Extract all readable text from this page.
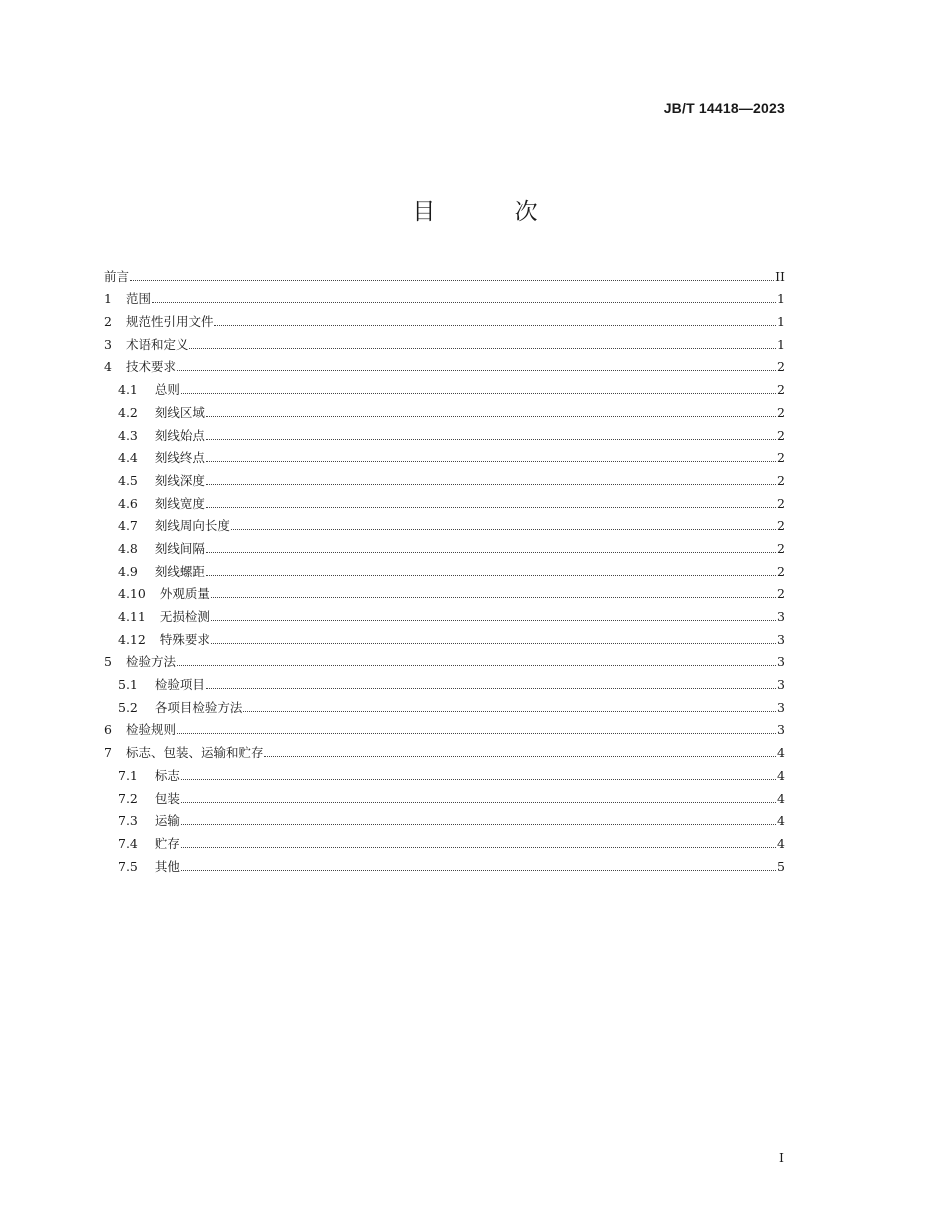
JB/T 14418—2023
目 次
前言	II
1 范围	1
2 规范性引用文件	1
3 术语和定义	1
4 技术要求	2
4.1 总则	2
4.2 刻线区域	2
4.3 刻线始点	2
4.4 刻线终点	2
4.5 刻线深度	2
4.6 刻线宽度	2
4.7 刻线周向长度	2
4.8 刻线间隔	2
4.9 刻线螺距	2
4.10 外观质量	2
4.11 无损检测	3
4.12 特殊要求	3
5 检验方法	3
5.1 检验项目	3
5.2 各项目检验方法	3
6 检验规则	3
7 标志、包装、运输和贮存	4
7.1 标志	4
7.2 包装	4
7.3 运输	4
7.4 贮存	4
7.5 其他	5
I
